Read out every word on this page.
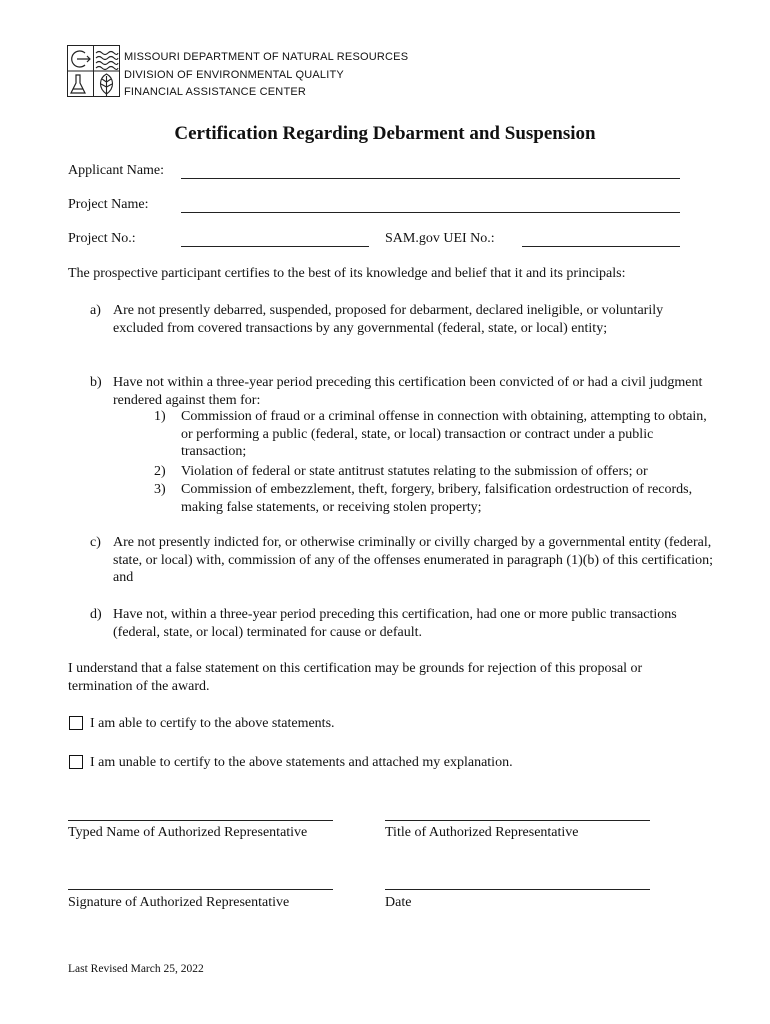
MISSOURI DEPARTMENT OF NATURAL RESOURCES
DIVISION OF ENVIRONMENTAL QUALITY
FINANCIAL ASSISTANCE CENTER
Certification Regarding Debarment and Suspension
Applicant Name:
Project Name:
Project No.:	SAM.gov UEI No.:
The prospective participant certifies to the best of its knowledge and belief that it and its principals:
a) Are not presently debarred, suspended, proposed for debarment, declared ineligible, or voluntarily excluded from covered transactions by any governmental (federal, state, or local) entity;
b) Have not within a three-year period preceding this certification been convicted of or had a civil judgment rendered against them for:
1) Commission of fraud or a criminal offense in connection with obtaining, attempting to obtain, or performing a public (federal, state, or local) transaction or contract under a public transaction;
2) Violation of federal or state antitrust statutes relating to the submission of offers; or
3) Commission of embezzlement, theft, forgery, bribery, falsification ordestruction of records, making false statements, or receiving stolen property;
c) Are not presently indicted for, or otherwise criminally or civilly charged by a governmental entity (federal, state, or local) with, commission of any of the offenses enumerated in paragraph (1)(b) of this certification; and
d) Have not, within a three-year period preceding this certification, had one or more public transactions (federal, state, or local) terminated for cause or default.
I understand that a false statement on this certification may be grounds for rejection of this proposal or termination of the award.
I am able to certify to the above statements.
I am unable to certify to the above statements and attached my explanation.
Typed Name of Authorized Representative	Title of Authorized Representative
Signature of Authorized Representative	Date
Last Revised March 25, 2022
